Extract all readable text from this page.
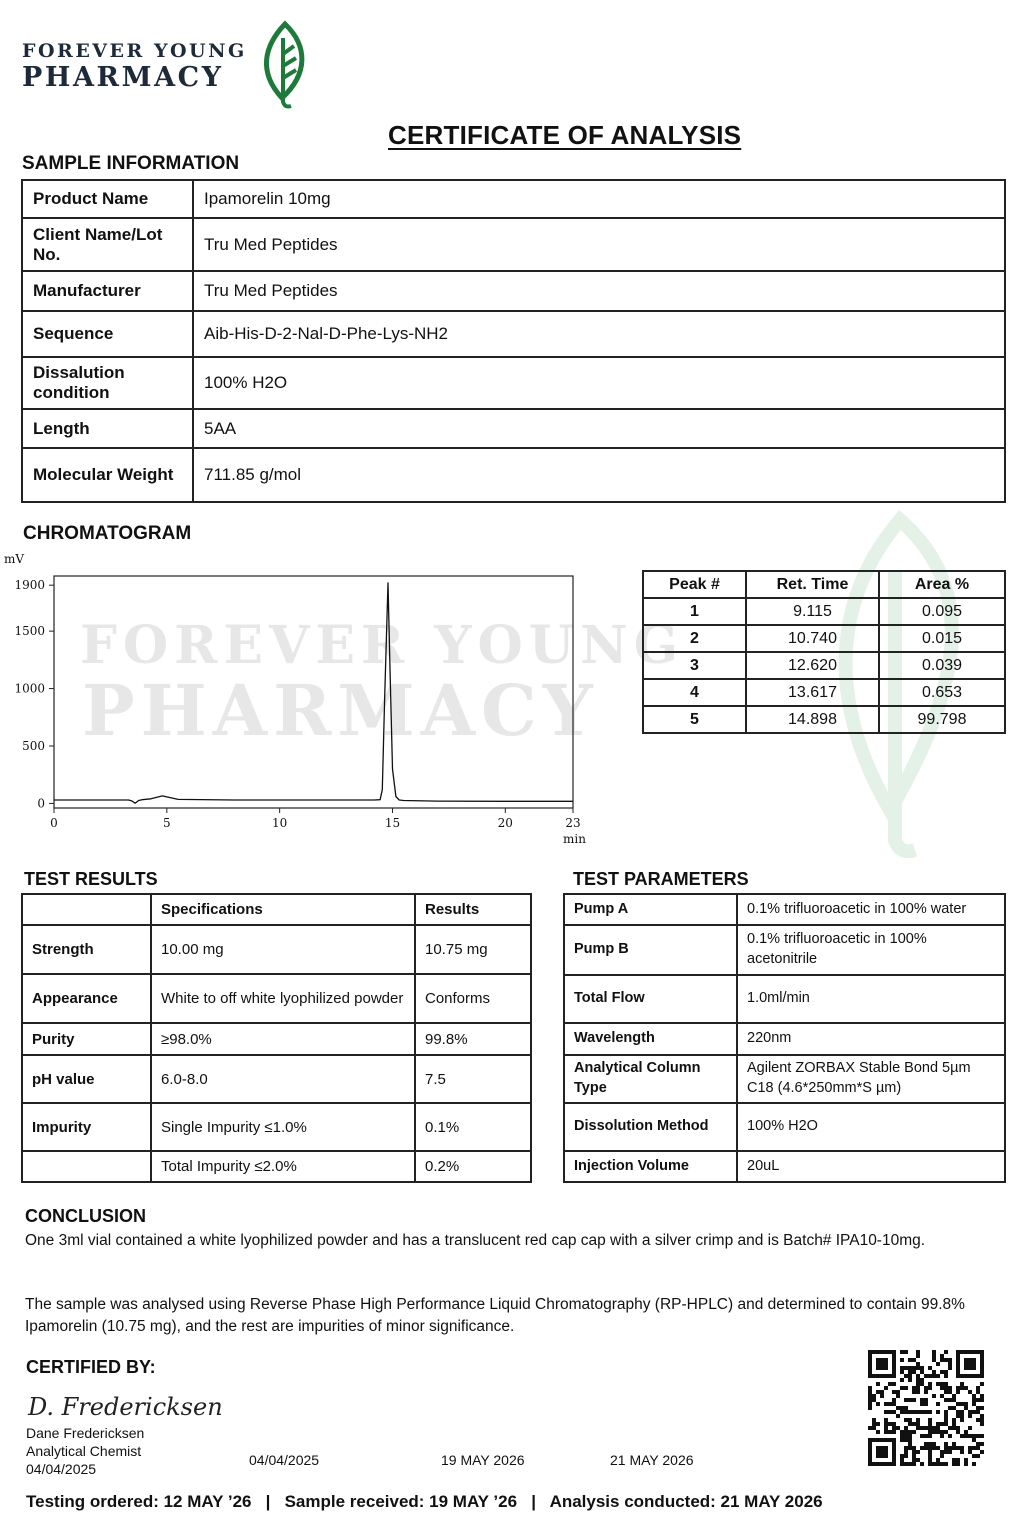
FOREVER YOUNG
PHARMACY
CERTIFICATE OF ANALYSIS
SAMPLE INFORMATION
Product Name	Ipamorelin 10mg
Client Name/Lot No.	Tru Med Peptides
Manufacturer	Tru Med Peptides
Sequence	Aib-His-D-2-Nal-D-Phe-Lys-NH2
Dissalution condition	100% H2O
Length	5AA
Molecular Weight	711.85 g/mol
CHROMATOGRAM
FOREVER YOUNG
PHARMACY
0
500
1000
1500
1900
0	5	10	15	20	23
mV
min
Peak #	Ret. Time	Area %
1	9.115	0.095
2	10.740	0.015
3	12.620	0.039
4	13.617	0.653
5	14.898	99.798
TEST RESULTS
	Specifications	Results
Strength	10.00 mg	10.75 mg
Appearance	White to off white lyophilized powder	Conforms
Purity	≥98.0%	99.8%
pH value	6.0-8.0	7.5
Impurity	Single Impurity ≤1.0%	0.1%
	Total Impurity ≤2.0%	0.2%
TEST PARAMETERS
Pump A	0.1% trifluoroacetic in 100% water
Pump B	0.1% trifluoroacetic in 100% acetonitrile
Total Flow	1.0ml/min
Wavelength	220nm
Analytical Column Type	Agilent ZORBAX Stable Bond 5µm C18 (4.6*250mm*S µm)
Dissolution Method	100% H2O
Injection Volume	20uL
CONCLUSION
One 3ml vial contained a white lyophilized powder and has a translucent red cap cap with a silver crimp and is Batch# IPA10-10mg.
The sample was analysed using Reverse Phase High Performance Liquid Chromatography (RP-HPLC) and determined to contain 99.8% Ipamorelin (10.75 mg), and the rest are impurities of minor significance.
CERTIFIED BY:
D. Fredericksen
Dane Fredericksen
Analytical Chemist
04/04/2025
04/04/2025	19 MAY 2026	21 MAY 2026
Testing ordered: 12 MAY ’26 | Sample received: 19 MAY ’26 | Analysis conducted: 21 MAY 2026
